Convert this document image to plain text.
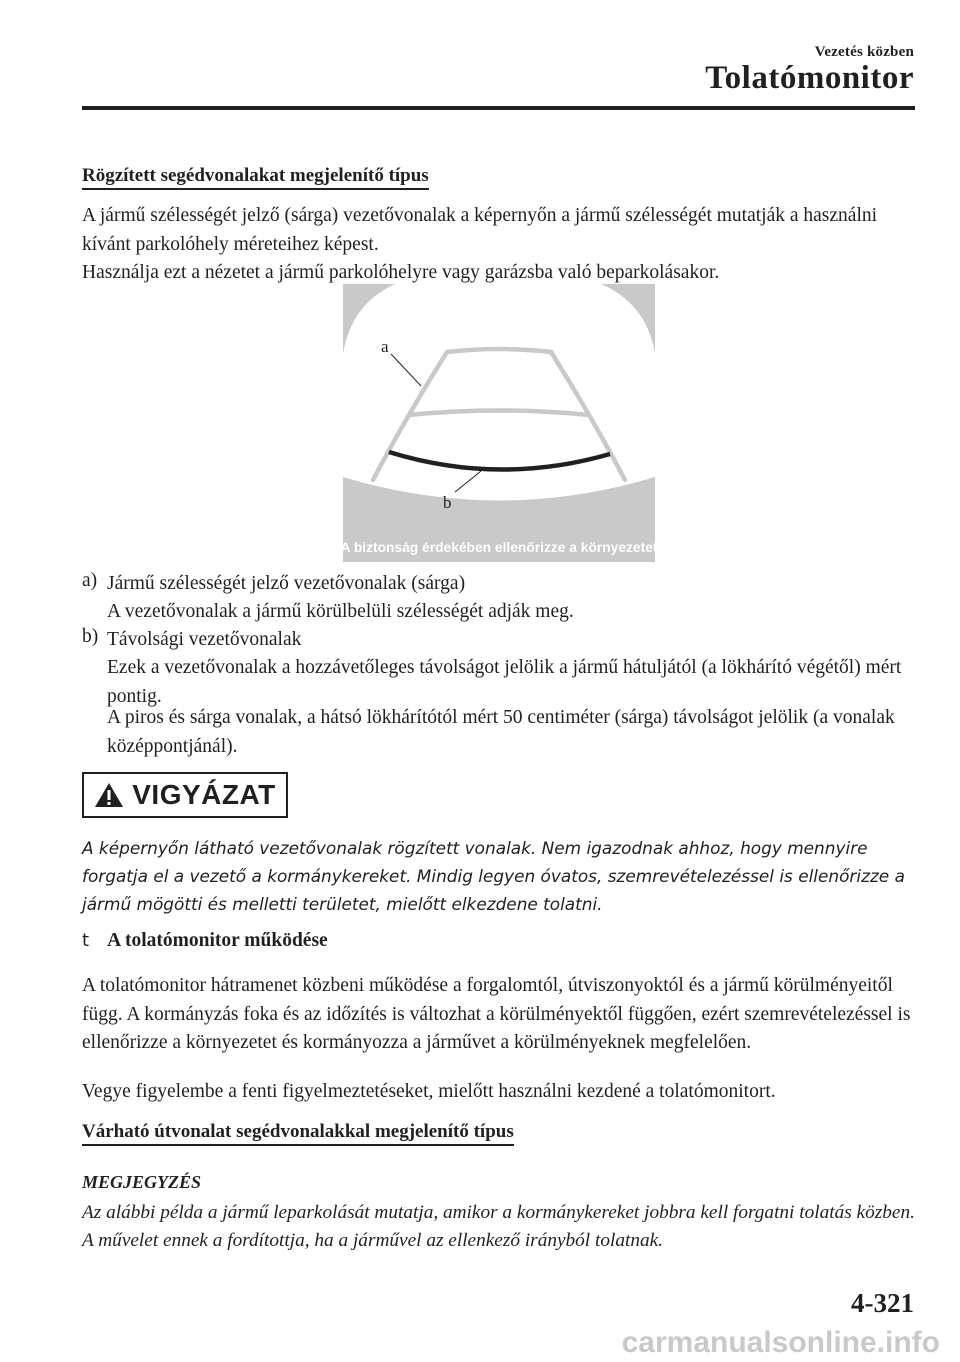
Vezetés közben
Tolatómonitor
Rögzített segédvonalakat megjelenítő típus
A jármű szélességét jelző (sárga) vezetővonalak a képernyőn a jármű szélességét mutatják a használni kívánt parkolóhely méreteihez képest.
Használja ezt a nézetet a jármű parkolóhelyre vagy garázsba való beparkolásakor.
a
b
A biztonság érdekében ellenőrizze a környezetet
a) Jármű szélességét jelző vezetővonalak (sárga)
A vezetővonalak a jármű körülbelüli szélességét adják meg.
b) Távolsági vezetővonalak
Ezek a vezetővonalak a hozzávetőleges távolságot jelölik a jármű hátuljától (a lökhárító végétől) mért pontig.
A piros és sárga vonalak, a hátsó lökhárítótól mért 50 centiméter (sárga) távolságot jelölik (a vonalak középpontjánál).
VIGYÁZAT
A képernyőn látható vezetővonalak rögzített vonalak. Nem igazodnak ahhoz, hogy mennyire forgatja el a vezető a kormánykereket. Mindig legyen óvatos, szemrevételezéssel is ellenőrizze a jármű mögötti és melletti területet, mielőtt elkezdene tolatni.
t A tolatómonitor működése
A tolatómonitor hátramenet közbeni működése a forgalomtól, útviszonyoktól és a jármű körülményeitől függ. A kormányzás foka és az időzítés is változhat a körülményektől függően, ezért szemrevételezéssel is ellenőrizze a környezetet és kormányozza a járművet a körülményeknek megfelelően.
Vegye figyelembe a fenti figyelmeztetéseket, mielőtt használni kezdené a tolatómonitort.
Várható útvonalat segédvonalakkal megjelenítő típus
MEGJEGYZÉS
Az alábbi példa a jármű leparkolását mutatja, amikor a kormánykereket jobbra kell forgatni tolatás közben. A művelet ennek a fordítottja, ha a járművel az ellenkező irányból tolatnak.
4-321
carmanualsonline.info
